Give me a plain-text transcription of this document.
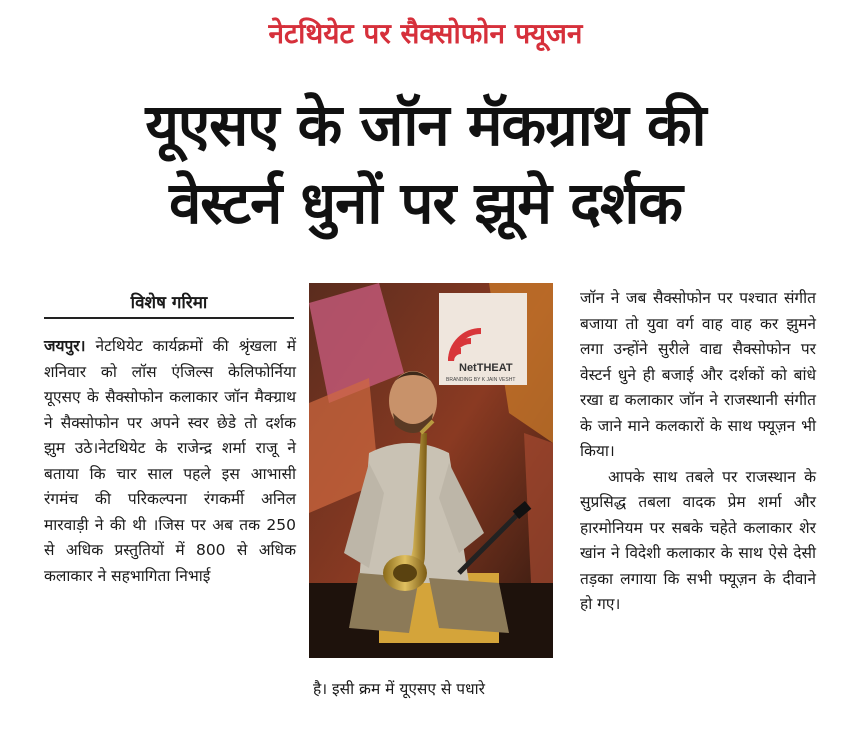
नेटथियेट पर सैक्सोफोन फ्यूजन
यूएसए के जॉन मॅकग्राथ की
वेस्टर्न धुनों पर झूमे दर्शक
विशेष गरिमा
जयपुर। नेटथियेट कार्यक्रमों की श्रृंखला में शनिवार को लॉस एंजिल्स केलिफोर्निया यूएसए के सैक्सोफोन कलाकार जॉन मैक्ग्राथ ने सैक्सोफोन पर अपने स्वर छेडे तो दर्शक झुम उठे।नेटथियेट के राजेन्द्र शर्मा राजू ने बताया कि चार साल पहले इस आभासी रंगमंच की परिकल्पना रंगकर्मी अनिल मारवाड़ी ने की थी ।जिस पर अब तक 250 से अधिक प्रस्तुतियों में 800 से अधिक कलाकार ने सहभागिता निभाई
NetTHEAT
BRANDING BY K JAIN VESHT
है। इसी क्रम में यूएसए से पधारे

जॉन ने जब सैक्सोफोन पर पश्चात संगीत बजाया तो युवा वर्ग वाह वाह कर झुमने लगा उन्होंने सुरीले वाद्य सैक्सोफोन पर वेस्टर्न धुने ही बजाई और दर्शकों को बांधे रखा द्य कलाकार जॉन ने राजस्थानी संगीत के जाने माने कलकारों के साथ फ्यूज़न भी किया।

आपके साथ तबले पर राजस्थान के सुप्रसिद्ध तबला वादक प्रेम शर्मा और हारमोनियम पर सबके चहेते कलाकार शेर खांन ने विदेशी कलाकार के साथ ऐसे देसी तड़का लगाया कि सभी फ्यूज़न के दीवाने हो गए।
